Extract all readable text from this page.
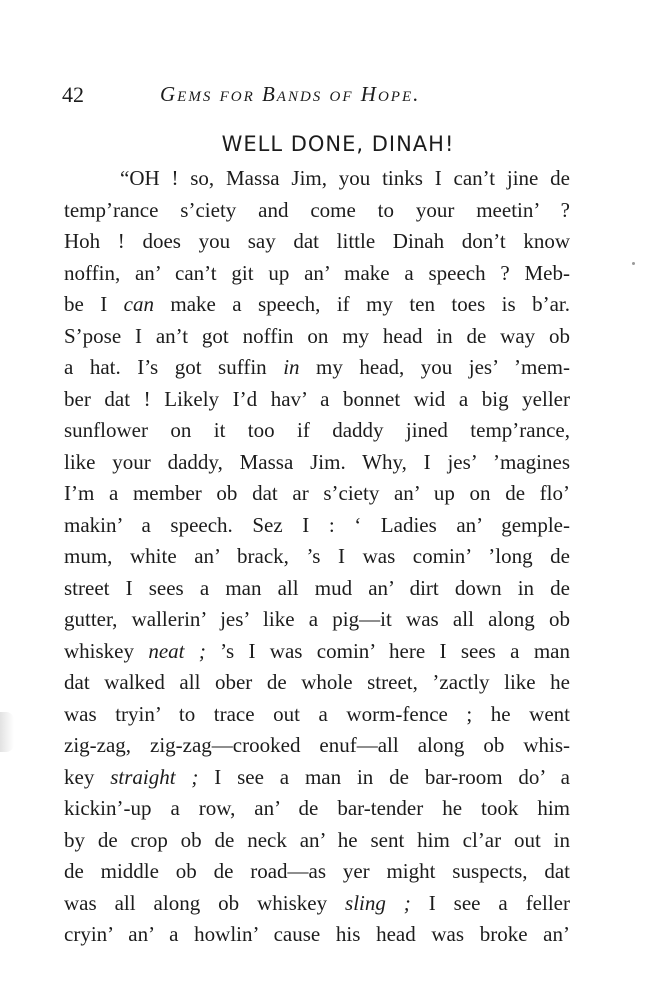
42	Gems for Bands of Hope.
WELL DONE, DINAH!
“OH ! so, Massa Jim, you tinks I can’t jine de
temp’rance s’ciety and come to your meetin’ ?
Hoh ! does you say dat little Dinah don’t know
noffin, an’ can’t git up an’ make a speech ? Meb-
be I can make a speech, if my ten toes is b’ar.
S’pose I an’t got noffin on my head in de way ob
a hat. I’s got suffin in my head, you jes’ ’mem-
ber dat ! Likely I’d hav’ a bonnet wid a big yeller
sunflower on it too if daddy jined temp’rance,
like your daddy, Massa Jim. Why, I jes’ ’magines
I’m a member ob dat ar s’ciety an’ up on de flo’
makin’ a speech. Sez I : ‘ Ladies an’ gemple-
mum, white an’ brack, ’s I was comin’ ’long de
street I sees a man all mud an’ dirt down in de
gutter, wallerin’ jes’ like a pig—it was all along ob
whiskey neat ; ’s I was comin’ here I sees a man
dat walked all ober de whole street, ’zactly like he
was tryin’ to trace out a worm-fence ; he went
zig-zag, zig-zag—crooked enuf—all along ob whis-
key straight ; I see a man in de bar-room do’ a
kickin’-up a row, an’ de bar-tender he took him
by de crop ob de neck an’ he sent him cl’ar out in
de middle ob de road—as yer might suspects, dat
was all along ob whiskey sling ; I see a feller
cryin’ an’ a howlin’ cause his head was broke an’
